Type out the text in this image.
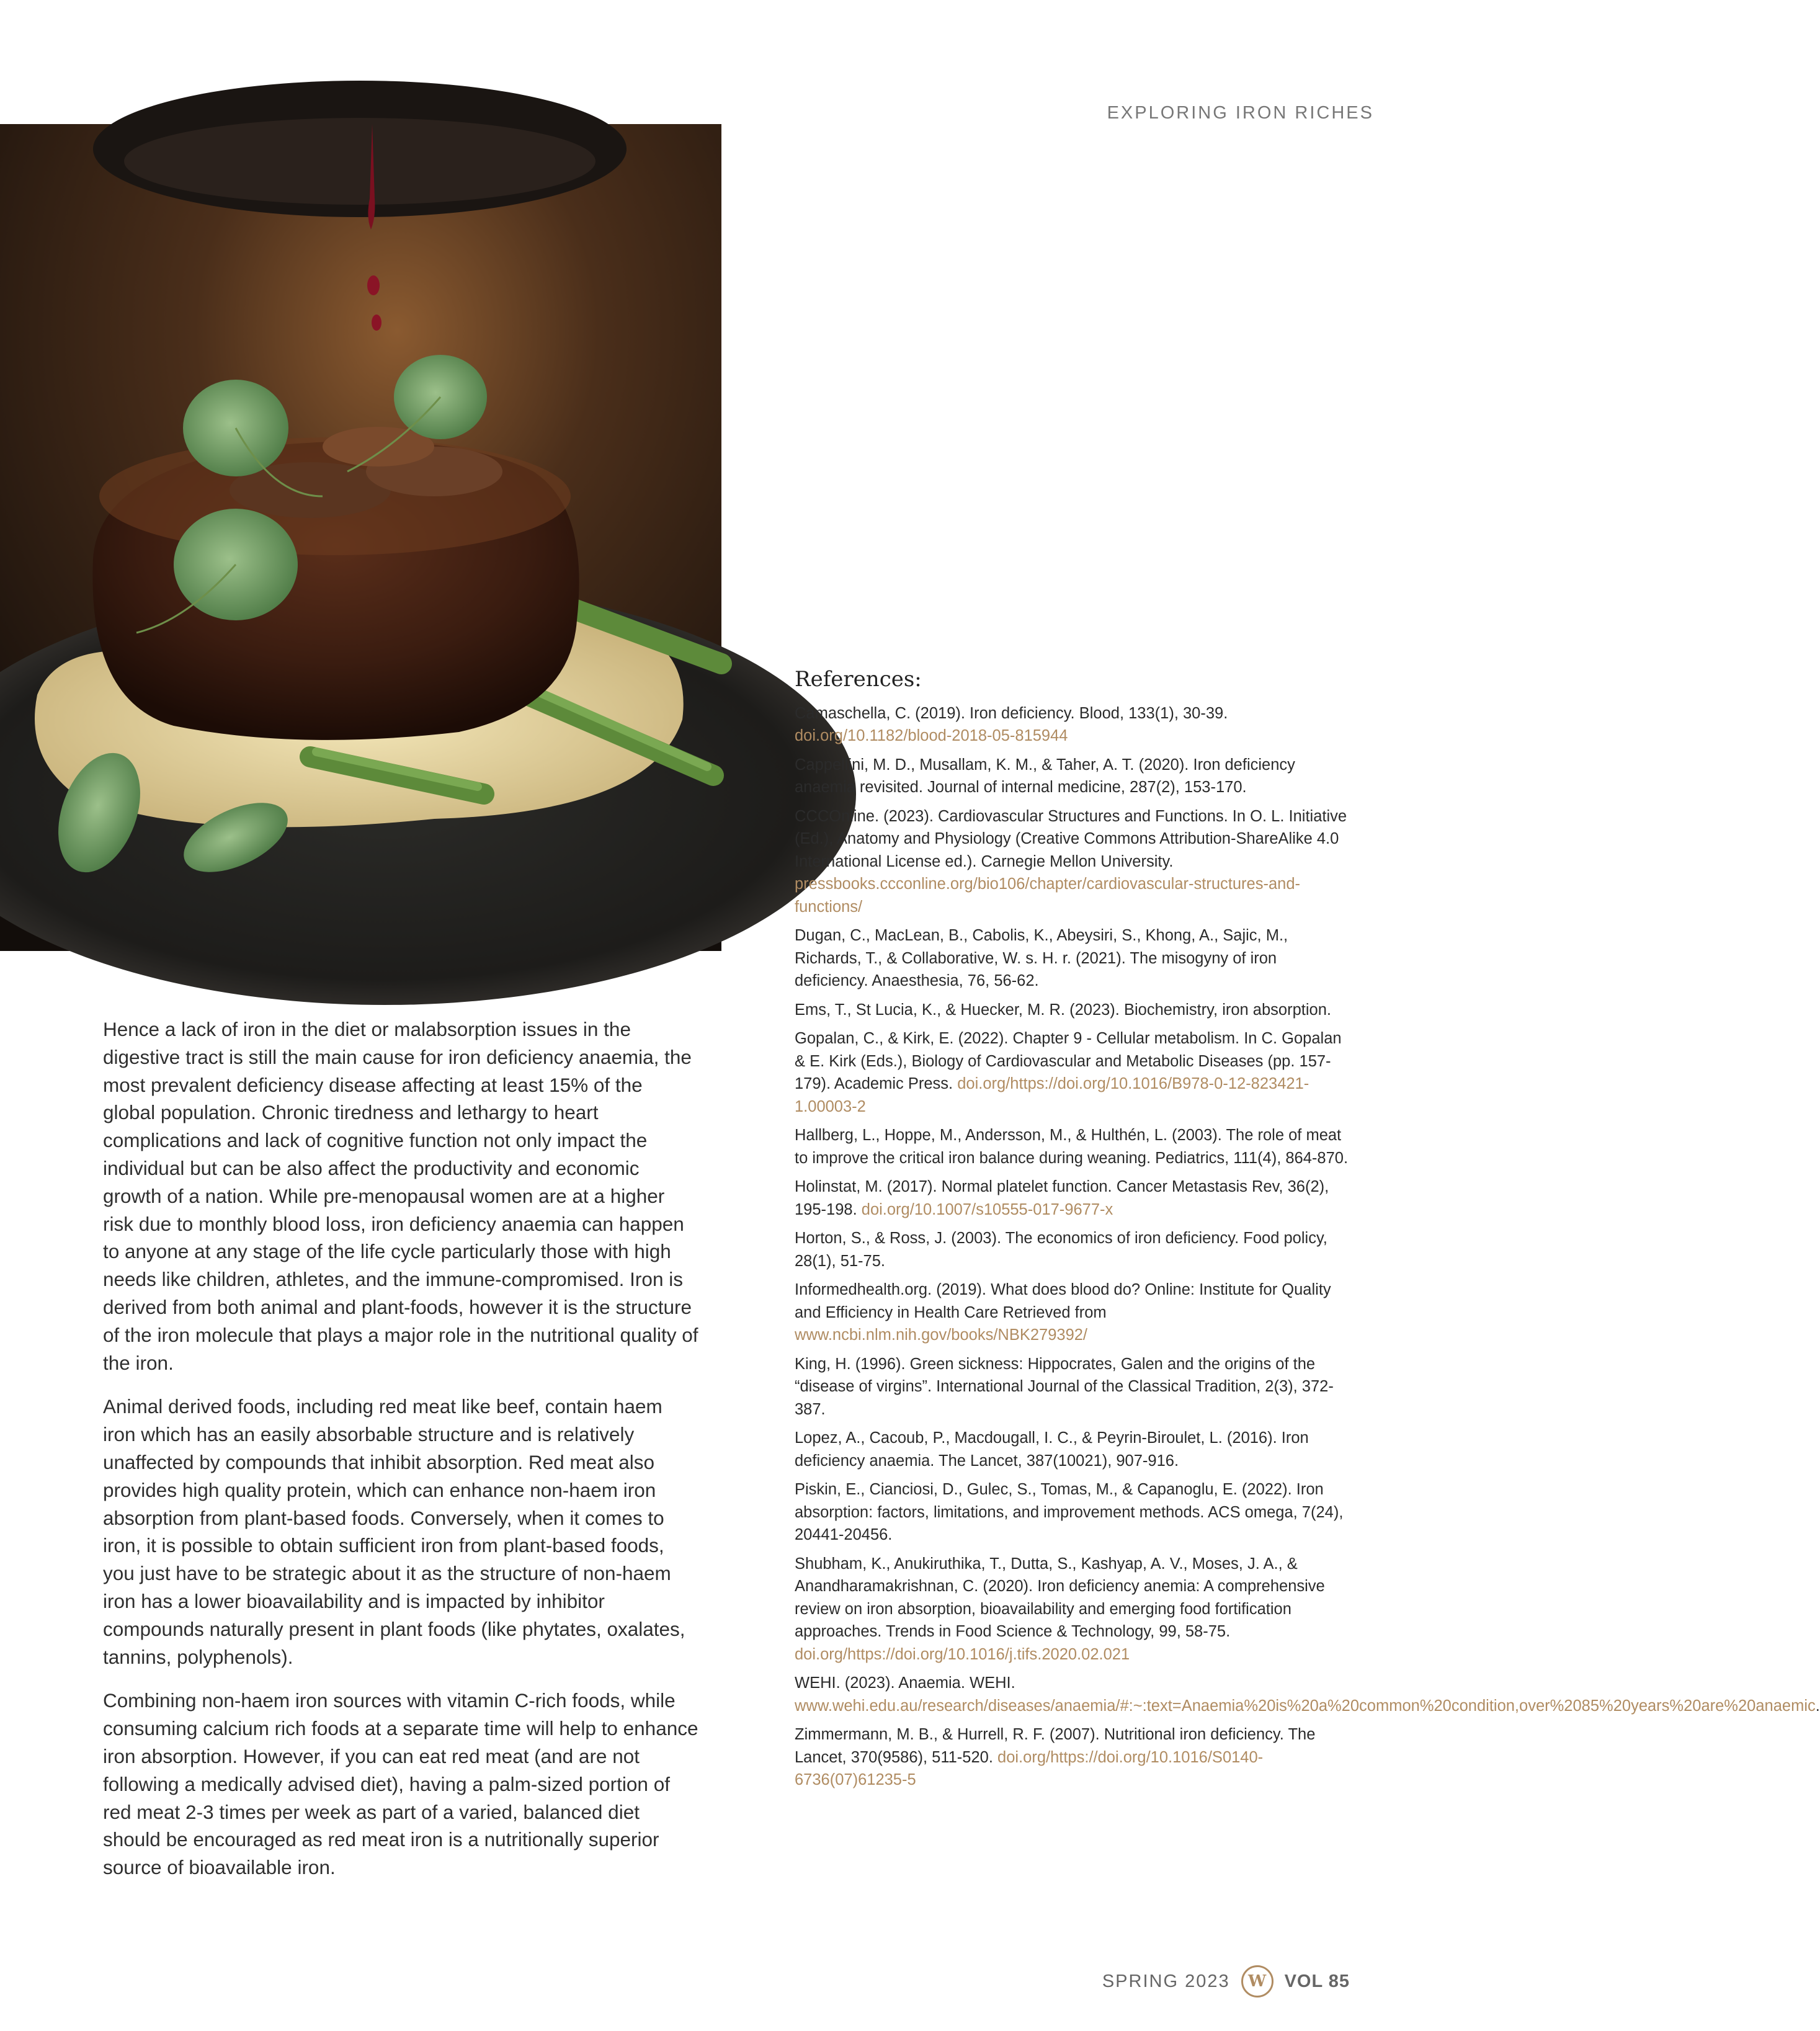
EXPLORING IRON RICHES

Hence a lack of iron in the diet or malabsorption issues in the digestive tract is still the main cause for iron deficiency anaemia, the most prevalent deficiency disease affecting at least 15% of the global population. Chronic tiredness and lethargy to heart complications and lack of cognitive function not only impact the individual but can be also affect the productivity and economic growth of a nation. While pre-menopausal women are at a higher risk due to monthly blood loss, iron deficiency anaemia can happen to anyone at any stage of the life cycle particularly those with high needs like children, athletes, and the immune-compromised. Iron is derived from both animal and plant-foods, however it is the structure of the iron molecule that plays a major role in the nutritional quality of the iron.

Animal derived foods, including red meat like beef, contain haem iron which has an easily absorbable structure and is relatively unaffected by compounds that inhibit absorption. Red meat also provides high quality protein, which can enhance non-haem iron absorption from plant-based foods. Conversely, when it comes to iron, it is possible to obtain sufficient iron from plant-based foods, you just have to be strategic about it as the structure of non-haem iron has a lower bioavailability and is impacted by inhibitor compounds naturally present in plant foods (like phytates, oxalates, tannins, polyphenols).

Combining non-haem iron sources with vitamin C-rich foods, while consuming calcium rich foods at a separate time will help to enhance iron absorption. However, if you can eat red meat (and are not following a medically advised diet), having a palm-sized portion of red meat 2-3 times per week as part of a varied, balanced diet should be encouraged as red meat iron is a nutritionally superior source of bioavailable iron.

References:
Camaschella, C. (2019). Iron deficiency. Blood, 133(1), 30-39. doi.org/10.1182/blood-2018-05-815944
Cappellini, M. D., Musallam, K. M., & Taher, A. T. (2020). Iron deficiency anaemia revisited. Journal of internal medicine, 287(2), 153-170.
CCCOnline. (2023). Cardiovascular Structures and Functions. In O. L. Initiative (Ed.), Anatomy and Physiology (Creative Commons Attribution-ShareAlike 4.0 International License ed.). Carnegie Mellon University. pressbooks.ccconline.org/bio106/chapter/cardiovascular-structures-and-functions/
Dugan, C., MacLean, B., Cabolis, K., Abeysiri, S., Khong, A., Sajic, M., Richards, T., & Collaborative, W. s. H. r. (2021). The misogyny of iron deficiency. Anaesthesia, 76, 56-62.
Ems, T., St Lucia, K., & Huecker, M. R. (2023). Biochemistry, iron absorption.
Gopalan, C., & Kirk, E. (2022). Chapter 9 - Cellular metabolism. In C. Gopalan & E. Kirk (Eds.), Biology of Cardiovascular and Metabolic Diseases (pp. 157-179). Academic Press. doi.org/https://doi.org/10.1016/B978-0-12-823421-1.00003-2
Hallberg, L., Hoppe, M., Andersson, M., & Hulthén, L. (2003). The role of meat to improve the critical iron balance during weaning. Pediatrics, 111(4), 864-870.
Holinstat, M. (2017). Normal platelet function. Cancer Metastasis Rev, 36(2), 195-198. doi.org/10.1007/s10555-017-9677-x
Horton, S., & Ross, J. (2003). The economics of iron deficiency. Food policy, 28(1), 51-75.
Informedhealth.org. (2019). What does blood do? Online: Institute for Quality and Efficiency in Health Care Retrieved from www.ncbi.nlm.nih.gov/books/NBK279392/
King, H. (1996). Green sickness: Hippocrates, Galen and the origins of the “disease of virgins”. International Journal of the Classical Tradition, 2(3), 372-387.
Lopez, A., Cacoub, P., Macdougall, I. C., & Peyrin-Biroulet, L. (2016). Iron deficiency anaemia. The Lancet, 387(10021), 907-916.
Piskin, E., Cianciosi, D., Gulec, S., Tomas, M., & Capanoglu, E. (2022). Iron absorption: factors, limitations, and improvement methods. ACS omega, 7(24), 20441-20456.
Shubham, K., Anukiruthika, T., Dutta, S., Kashyap, A. V., Moses, J. A., & Anandharamakrishnan, C. (2020). Iron deficiency anemia: A comprehensive review on iron absorption, bioavailability and emerging food fortification approaches. Trends in Food Science & Technology, 99, 58-75. doi.org/https://doi.org/10.1016/j.tifs.2020.02.021
WEHI. (2023). Anaemia. WEHI. www.wehi.edu.au/research/diseases/anaemia/#:~:text=Anaemia%20is%20a%20common%20condition,over%2085%20years%20are%20anaemic.
Zimmermann, M. B., & Hurrell, R. F. (2007). Nutritional iron deficiency. The Lancet, 370(9586), 511-520. doi.org/https://doi.org/10.1016/S0140-6736(07)61235-5
SPRING 2023	W	VOL 85
